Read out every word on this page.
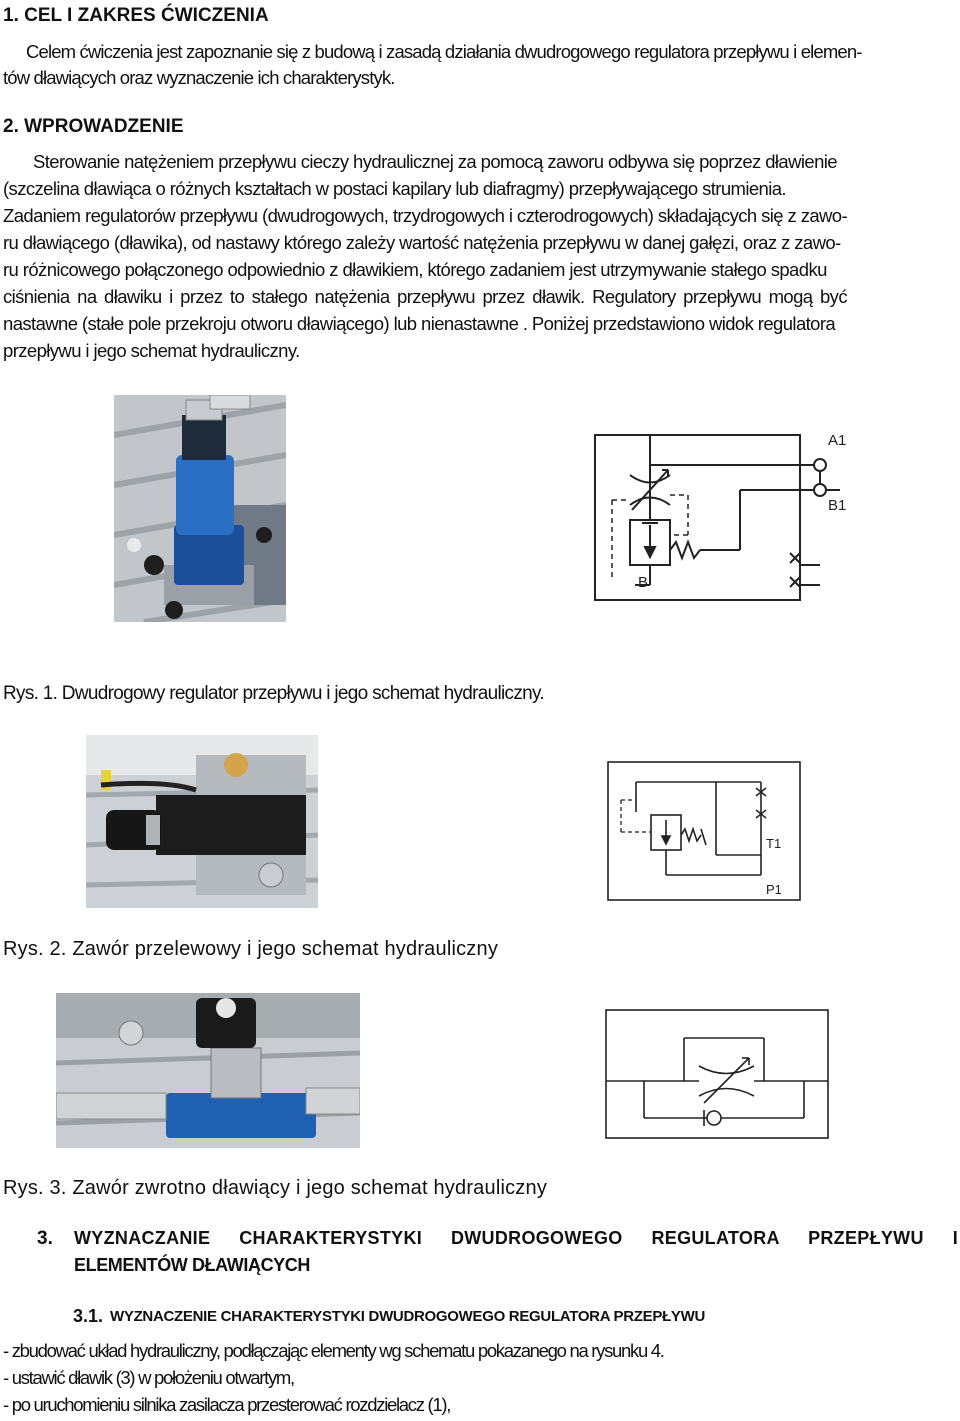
1. CEL I ZAKRES ĆWICZENIA
Celem ćwiczenia jest zapoznanie się z budową i zasadą działania dwudrogowego regulatora przepływu i elemen-
tów dławiących oraz wyznaczenie ich charakterystyk.
2. WPROWADZENIE
Sterowanie natężeniem przepływu cieczy hydraulicznej za pomocą zaworu odbywa się poprzez dławienie
(szczelina dławiąca o różnych kształtach w postaci kapilary lub diafragmy) przepływającego strumienia.
Zadaniem regulatorów przepływu (dwudrogowych, trzydrogowych i czterodrogowych) składających się z zawo-
ru dławiącego (dławika), od nastawy którego zależy wartość natężenia przepływu w danej gałęzi, oraz z zawo-
ru różnicowego połączonego odpowiednio z dławikiem, którego zadaniem jest utrzymywanie stałego spadku
ciśnienia na dławiku i przez to stałego natężenia przepływu przez dławik. Regulatory przepływu mogą być
nastawne (stałe pole przekroju otworu dławiącego) lub nienastawne . Poniżej przedstawiono widok regulatora
przepływu i jego schemat hydrauliczny.
A1
B1
B
Rys. 1. Dwudrogowy regulator przepływu i jego schemat hydrauliczny.
T1
P1
Rys. 2. Zawór przelewowy i jego schemat hydrauliczny
Rys. 3. Zawór zwrotno dławiący i jego schemat hydrauliczny
3. WYZNACZANIE CHARAKTERYSTYKI DWUDROGOWEGO REGULATORA PRZEPŁYWU I
ELEMENTÓW DŁAWIĄCYCH
3.1. WYZNACZENIE CHARAKTERYSTYKI DWUDROGOWEGO REGULATORA PRZEPŁYWU
- zbudować układ hydrauliczny, podłączając elementy wg schematu pokazanego na rysunku 4.
- ustawić dławik (3) w położeniu otwartym,
- po uruchomieniu silnika zasilacza przesterować rozdzielacz (1),
